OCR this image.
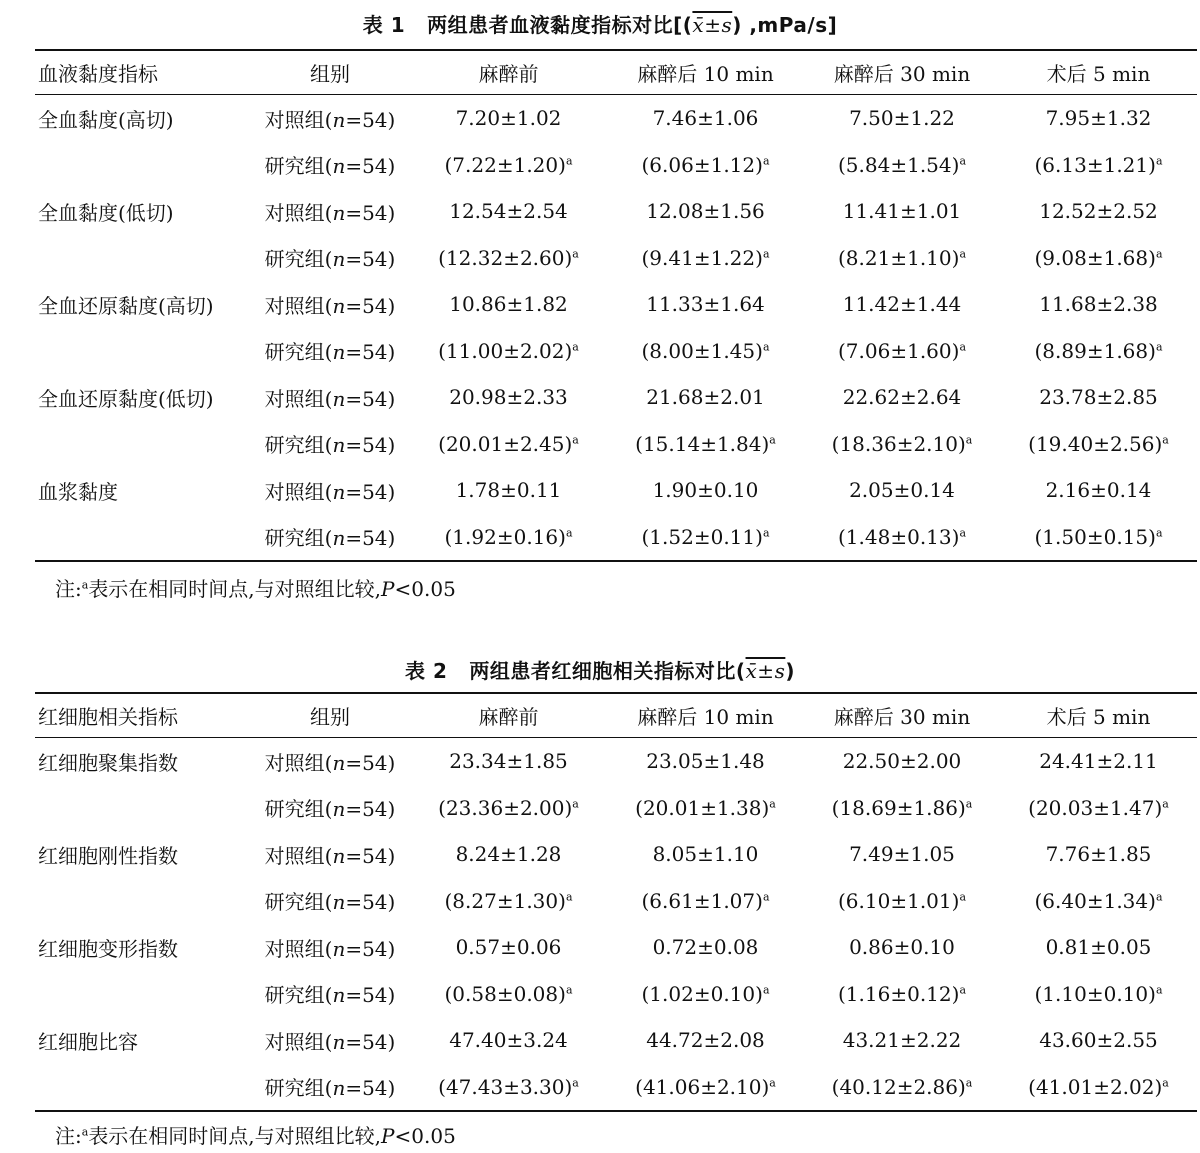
表 1 两组患者血液黏度指标对比[(x̄±s) ,mPa/s]
血液黏度指标	组别	麻醉前	麻醉后 10 min	麻醉后 30 min	术后 5 min
全血黏度(高切)	对照组(n=54)	7.20±1.02	7.46±1.06	7.50±1.22	7.95±1.32
	研究组(n=54)	$(7.22\pm 1.20)^a$	$(6.06\pm 1.12)^a$	$(5.84\pm 1.54)^a$	$(6.13\pm 1.21)^a$
全血黏度(低切)	对照组(n=54)	12.54±2.54	12.08±1.56	11.41±1.01	12.52±2.52
	研究组(n=54)	$(12.32\pm 2.60)^a$	$(9.41\pm 1.22)^a$	$(8.21\pm 1.10)^a$	$(9.08\pm 1.68)^a$
全血还原黏度(高切)	对照组(n=54)	10.86±1.82	11.33±1.64	11.42±1.44	11.68±2.38
	研究组(n=54)	$(11.00\pm 2.02)^a$	$(8.00\pm 1.45)^a$	$(7.06\pm 1.60)^a$	$(8.89\pm 1.68)^a$
全血还原黏度(低切)	对照组(n=54)	20.98±2.33	21.68±2.01	22.62±2.64	23.78±2.85
	研究组(n=54)	$(20.01\pm 2.45)^a$	$(15.14\pm 1.84)^a$	$(18.36\pm 2.10)^a$	$(19.40\pm 2.56)^a$
血浆黏度	对照组(n=54)	1.78±0.11	1.90±0.10	2.05±0.14	2.16±0.14
	研究组(n=54)	$(1.92\pm 0.16)^a$	$(1.52\pm 0.11)^a$	$(1.48\pm 0.13)^a$	$(1.50\pm 0.15)^a$
注:$^a$表示在相同时间点,与对照组比较,P<0.05
表 2 两组患者红细胞相关指标对比(x̄±s)
红细胞相关指标	组别	麻醉前	麻醉后 10 min	麻醉后 30 min	术后 5 min
红细胞聚集指数	对照组(n=54)	23.34±1.85	23.05±1.48	22.50±2.00	24.41±2.11
	研究组(n=54)	$(23.36\pm 2.00)^a$	$(20.01\pm 1.38)^a$	$(18.69\pm 1.86)^a$	$(20.03\pm 1.47)^a$
红细胞刚性指数	对照组(n=54)	8.24±1.28	8.05±1.10	7.49±1.05	7.76±1.85
	研究组(n=54)	$(8.27\pm 1.30)^a$	$(6.61\pm 1.07)^a$	$(6.10\pm 1.01)^a$	$(6.40\pm 1.34)^a$
红细胞变形指数	对照组(n=54)	0.57±0.06	0.72±0.08	0.86±0.10	0.81±0.05
	研究组(n=54)	$(0.58\pm 0.08)^a$	$(1.02\pm 0.10)^a$	$(1.16\pm 0.12)^a$	$(1.10\pm 0.10)^a$
红细胞比容	对照组(n=54)	47.40±3.24	44.72±2.08	43.21±2.22	43.60±2.55
	研究组(n=54)	$(47.43\pm 3.30)^a$	$(41.06\pm 2.10)^a$	$(40.12\pm 2.86)^a$	$(41.01\pm 2.02)^a$
注:$^a$表示在相同时间点,与对照组比较,P<0.05
